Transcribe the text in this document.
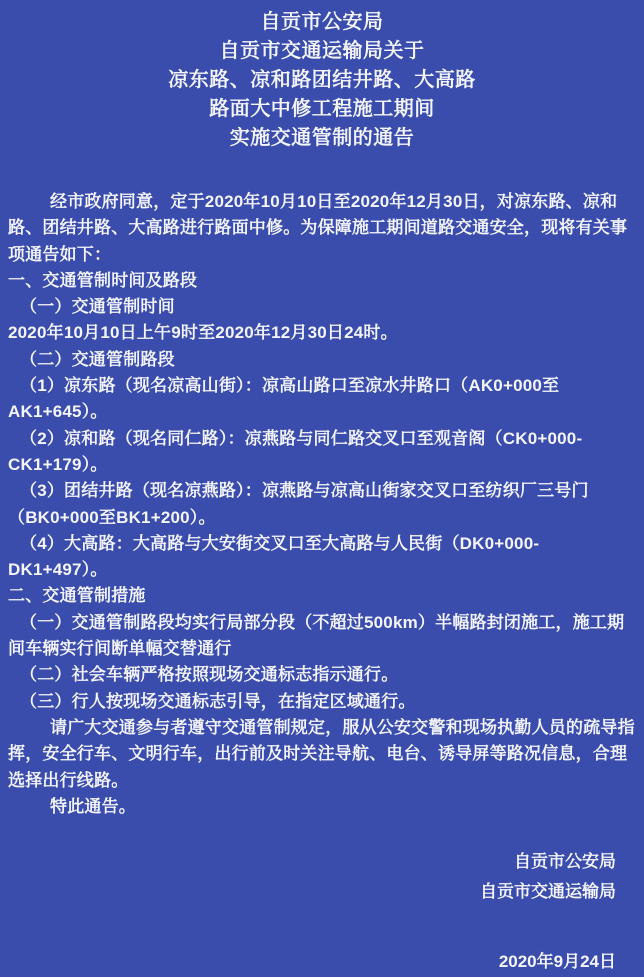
自贡市公安局
自贡市交通运输局关于
凉东路、凉和路团结井路、大高路
路面大中修工程施工期间
实施交通管制的通告

经市政府同意，定于2020年10月10日至2020年12月30日，对凉东路、凉和路、团结井路、大高路进行路面中修。为保障施工期间道路交通安全，现将有关事项通告如下：

一、交通管制时间及路段

（一）交通管制时间

2020年10月10日上午9时至2020年12月30日24时。

（二）交通管制路段

（1）凉东路（现名凉高山街）：凉高山路口至凉水井路口（AK0+000至AK1+645）。

（2）凉和路（现名同仁路）：凉燕路与同仁路交叉口至观音阁（CK0+000-CK1+179）。

（3）团结井路（现名凉燕路）：凉燕路与凉高山街家交叉口至纺织厂三号门（BK0+000至BK1+200）。

（4）大高路：大高路与大安街交叉口至大高路与人民街（DK0+000-DK1+497）。

二、交通管制措施

（一）交通管制路段均实行局部分段（不超过500km）半幅路封闭施工，施工期间车辆实行间断单幅交替通行

（二）社会车辆严格按照现场交通标志指示通行。

（三）行人按现场交通标志引导，在指定区域通行。

请广大交通参与者遵守交通管制规定，服从公安交警和现场执勤人员的疏导指挥，安全行车、文明行车，出行前及时关注导航、电台、诱导屏等路况信息，合理选择出行线路。

特此通告。

自贡市公安局
自贡市交通运输局
2020年9月24日
